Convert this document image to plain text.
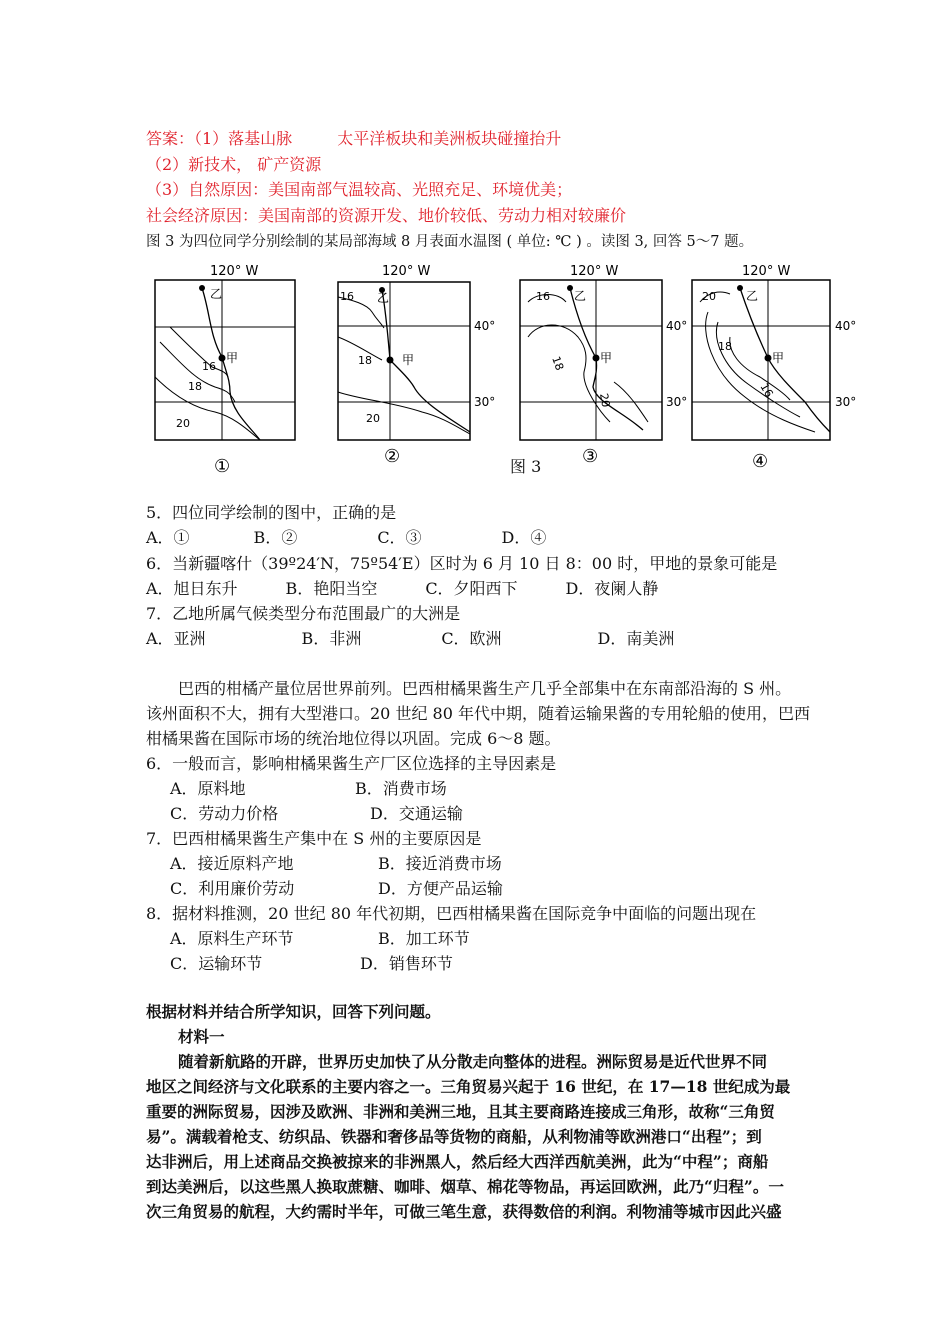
答案：（1）落基山脉	太平洋板块和美洲板块碰撞抬升
（2）新技术， 矿产资源
（3）自然原因：美国南部气温较高、光照充足、环境优美；
社会经济原因：美国南部的资源开发、地价较低、劳动力相对较廉价
图 3 为四位同学分别绘制的某局部海域 8 月表面水温图 ( 单位: ℃ ) 。读图 3, 回答 5～7 题。
120° W
乙
甲
16
18
20
①
120° W
40°
30°
乙
甲
16
18
20
②
120° W
40°
30°
乙
甲
16
18
20
③
120° W
40°
30°
乙
甲
20
18
16
④
图 3
5．四位同学绘制的图中，正确的是
A．①　　　　B．②　　　　　C．③　　　　　D．④
6．当新疆喀什（39º24′N，75º54′E）区时为 6 月 10 日 8：00 时，甲地的景象可能是
A．旭日东升　　　B．艳阳当空　　　C．夕阳西下　　　D．夜阑人静
7．乙地所属气候类型分布范围最广的大洲是
A．亚洲　　　　　　B．非洲　　　　　C．欧洲　　　　　　D．南美洲
巴西的柑橘产量位居世界前列。巴西柑橘果酱生产几乎全部集中在东南部沿海的 S 州。
该州面积不大，拥有大型港口。20 世纪 80 年代中期，随着运输果酱的专用轮船的使用，巴西
柑橘果酱在国际市场的统治地位得以巩固。完成 6～8 题。
6．一般而言，影响柑橘果酱生产厂区位选择的主导因素是
A．原料地	B．消费市场
C．劳动力价格	D．交通运输
7．巴西柑橘果酱生产集中在 S 州的主要原因是
A．接近原料产地	B．接近消费市场
C．利用廉价劳动	D．方便产品运输
8．据材料推测，20 世纪 80 年代初期，巴西柑橘果酱在国际竞争中面临的问题出现在
A．原料生产环节	B．加工环节
C．运输环节	D．销售环节
根据材料并结合所学知识，回答下列问题。
材料一
随着新航路的开辟，世界历史加快了从分散走向整体的进程。洲际贸易是近代世界不同
地区之间经济与文化联系的主要内容之一。三角贸易兴起于 16 世纪，在 17—18 世纪成为最
重要的洲际贸易，因涉及欧洲、非洲和美洲三地，且其主要商路连接成三角形，故称“三角贸
易”。满载着枪支、纺织品、铁器和奢侈品等货物的商船，从利物浦等欧洲港口“出程”；到
达非洲后，用上述商品交换被掠来的非洲黑人，然后经大西洋西航美洲，此为“中程”；商船
到达美洲后，以这些黑人换取蔗糖、咖啡、烟草、棉花等物品，再运回欧洲，此乃“归程”。一
次三角贸易的航程，大约需时半年，可做三笔生意，获得数倍的利润。利物浦等城市因此兴盛
